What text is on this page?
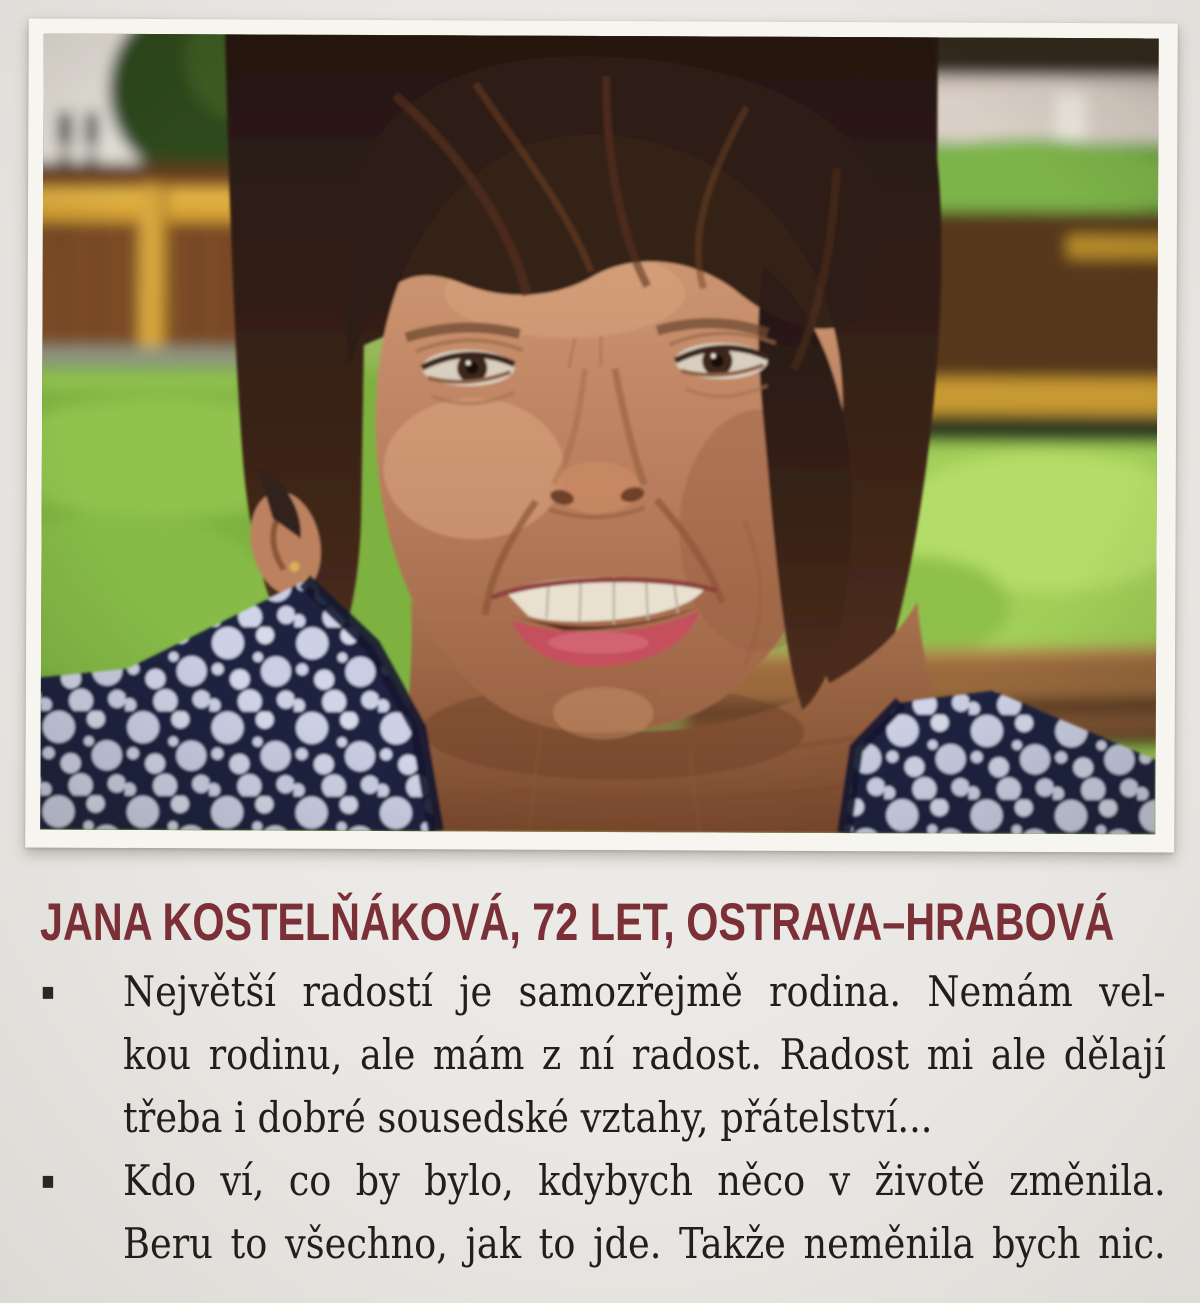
JANA KOSTELŇÁKOVÁ, 72 LET, OSTRAVA–HRABOVÁ
▪	Největší radostí je samozřejmě rodina. Nemám vel-
kou rodinu, ale mám z ní radost. Radost mi ale dělají
třeba i dobré sousedské vztahy, přátelství...
▪	Kdo ví, co by bylo, kdybych něco v životě změnila.
Beru to všechno, jak to jde. Takže neměnila bych nic.
